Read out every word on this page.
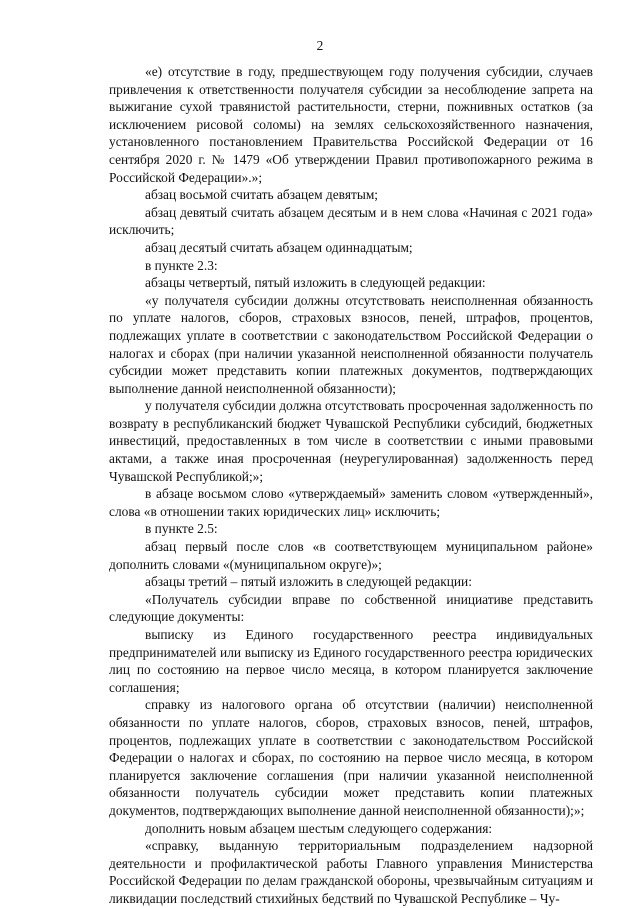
2

«е) отсутствие в году, предшествующем году получения субсидии, случаев привлечения к ответственности получателя субсидии за несоблюдение запрета на выжигание сухой травянистой растительности, стерни, пожнивных остатков (за исключением рисовой соломы) на землях сельскохозяйственного назначения, установленного постановлением Правительства Российской Федерации от 16 сентября 2020 г. № 1479 «Об утверждении Правил противопожарного режима в Российской Федерации».»;

абзац восьмой считать абзацем девятым;

абзац девятый считать абзацем десятым и в нем слова «Начиная с 2021 года» исключить;

абзац десятый считать абзацем одиннадцатым;

в пункте 2.3:

абзацы четвертый, пятый изложить в следующей редакции:

«у получателя субсидии должны отсутствовать неисполненная обязанность по уплате налогов, сборов, страховых взносов, пеней, штрафов, процентов, подлежащих уплате в соответствии с законодательством Российской Федерации о налогах и сборах (при наличии указанной неисполненной обязанности получатель субсидии может представить копии платежных документов, подтверждающих выполнение данной неисполненной обязанности);

у получателя субсидии должна отсутствовать просроченная задолженность по возврату в республиканский бюджет Чувашской Республики субсидий, бюджетных инвестиций, предоставленных в том числе в соответствии с иными правовыми актами, а также иная просроченная (неурегулированная) задолженность перед Чувашской Республикой;»;

в абзаце восьмом слово «утверждаемый» заменить словом «утвержденный», слова «в отношении таких юридических лиц» исключить;

в пункте 2.5:

абзац первый после слов «в соответствующем муниципальном районе» дополнить словами «(муниципальном округе)»;

абзацы третий – пятый изложить в следующей редакции:

«Получатель субсидии вправе по собственной инициативе представить следующие документы:

выписку из Единого государственного реестра индивидуальных предпринимателей или выписку из Единого государственного реестра юридических лиц по состоянию на первое число месяца, в котором планируется заключение соглашения;

справку из налогового органа об отсутствии (наличии) неисполненной обязанности по уплате налогов, сборов, страховых взносов, пеней, штрафов, процентов, подлежащих уплате в соответствии с законодательством Российской Федерации о налогах и сборах, по состоянию на первое число месяца, в котором планируется заключение соглашения (при наличии указанной неисполненной обязанности получатель субсидии может представить копии платежных документов, подтверждающих выполнение данной неисполненной обязанности);»;

дополнить новым абзацем шестым следующего содержания:

«справку, выданную территориальным подразделением надзорной деятельности и профилактической работы Главного управления Министерства Российской Федерации по делам гражданской обороны, чрезвычайным ситуациям и ликвидации последствий стихийных бедствий по Чувашской Республике – Чу-
